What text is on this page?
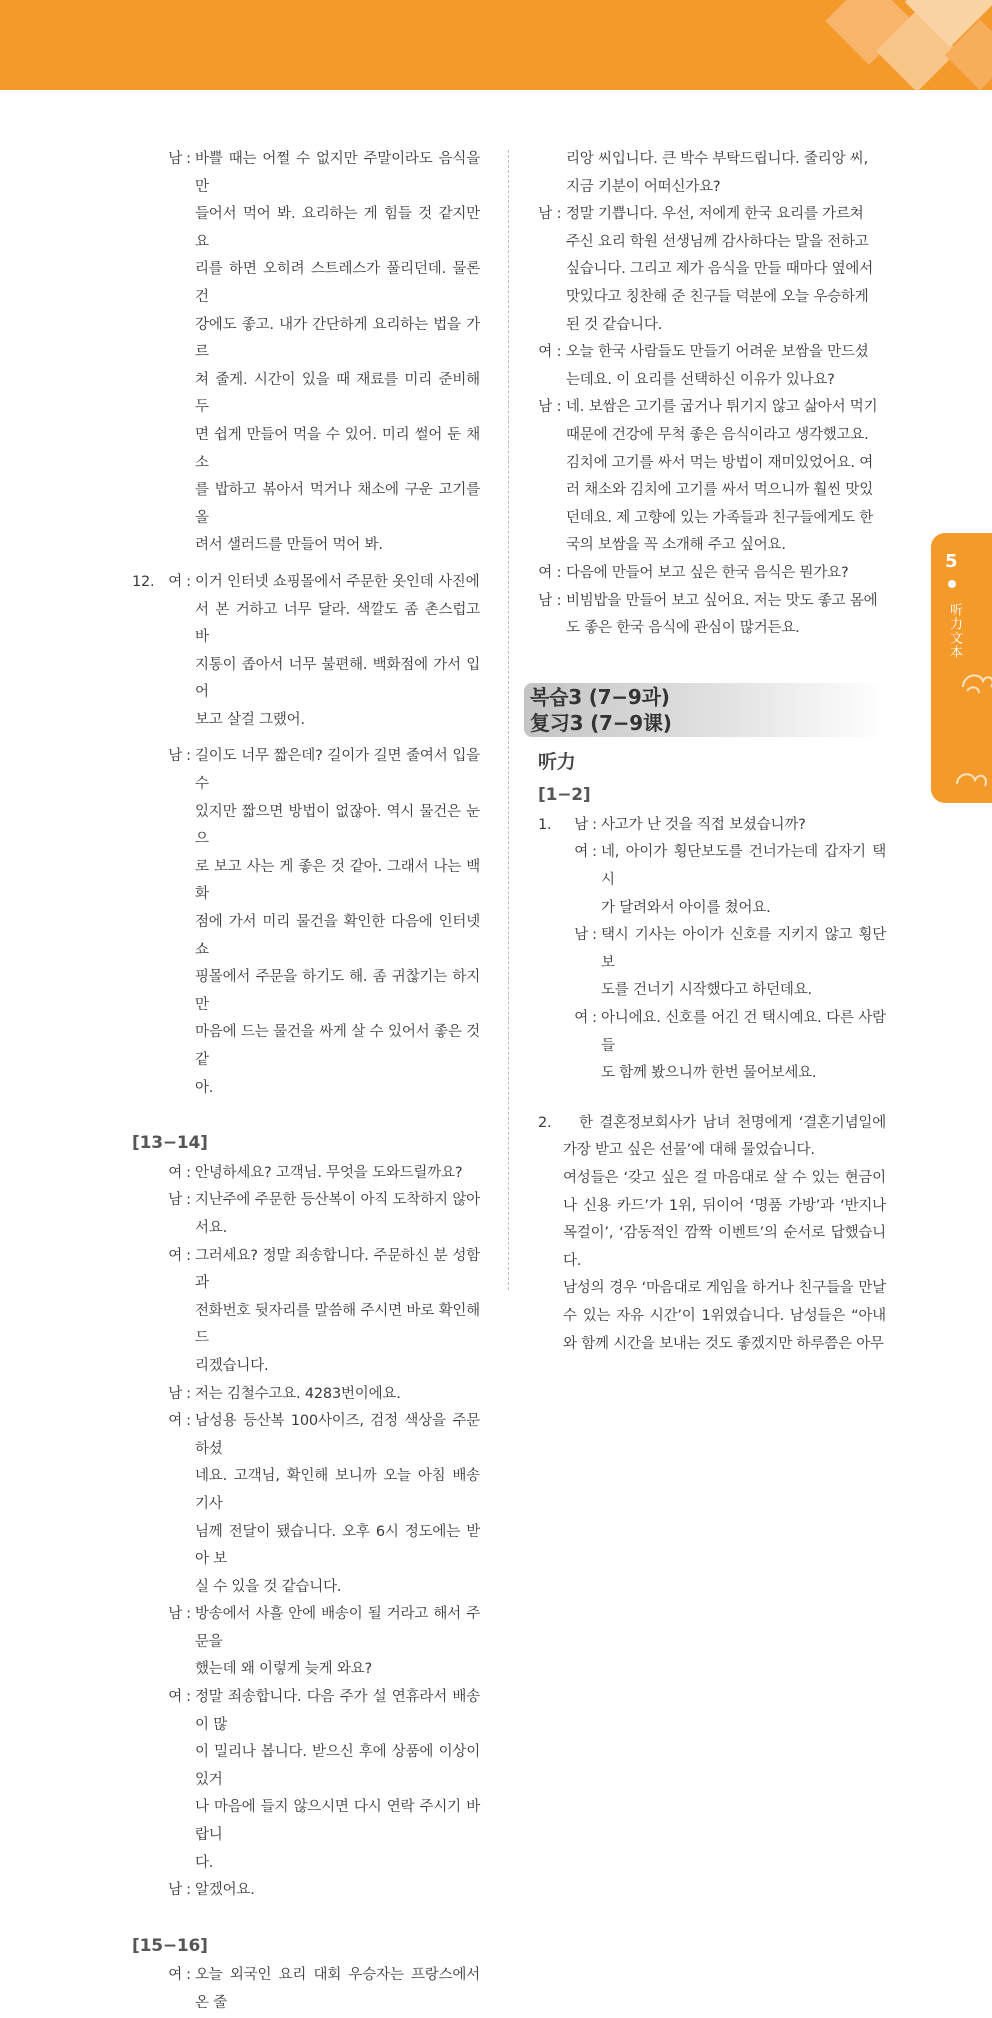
남 : 바쁠 때는 어쩔 수 없지만 주말이라도 음식을 만
들어서 먹어 봐. 요리하는 게 힘들 것 같지만 요
리를 하면 오히려 스트레스가 풀리던데. 물론 건
강에도 좋고. 내가 간단하게 요리하는 법을 가르
쳐 줄게. 시간이 있을 때 재료를 미리 준비해 두
면 쉽게 만들어 먹을 수 있어. 미리 썰어 둔 채소
를 밥하고 볶아서 먹거나 채소에 구운 고기를 올
려서 샐러드를 만들어 먹어 봐.
12. 여 : 이거 인터넷 쇼핑몰에서 주문한 옷인데 사진에
서 본 거하고 너무 달라. 색깔도 좀 촌스럽고 바
지통이 좁아서 너무 불편해. 백화점에 가서 입어
보고 살걸 그랬어.
남 : 길이도 너무 짧은데? 길이가 길면 줄여서 입을 수
있지만 짧으면 방법이 없잖아. 역시 물건은 눈으
로 보고 사는 게 좋은 것 같아. 그래서 나는 백화
점에 가서 미리 물건을 확인한 다음에 인터넷 쇼
핑몰에서 주문을 하기도 해. 좀 귀찮기는 하지만
마음에 드는 물건을 싸게 살 수 있어서 좋은 것 같
아.
[13−14]
여 : 안녕하세요? 고객님. 무엇을 도와드릴까요?
남 : 지난주에 주문한 등산복이 아직 도착하지 않아서요.
여 : 그러세요? 정말 죄송합니다. 주문하신 분 성함과
전화번호 뒷자리를 말씀해 주시면 바로 확인해 드
리겠습니다.
남 : 저는 김철수고요. 4283번이에요.
여 : 남성용 등산복 100사이즈, 검정 색상을 주문하셨
네요. 고객님, 확인해 보니까 오늘 아침 배송 기사
님께 전달이 됐습니다. 오후 6시 정도에는 받아 보
실 수 있을 것 같습니다.
남 : 방송에서 사흘 안에 배송이 될 거라고 해서 주문을
했는데 왜 이렇게 늦게 와요?
여 : 정말 죄송합니다. 다음 주가 설 연휴라서 배송이 많
이 밀리나 봅니다. 받으신 후에 상품에 이상이 있거
나 마음에 들지 않으시면 다시 연락 주시기 바랍니
다.
남 : 알겠어요.
[15−16]
여 : 오늘 외국인 요리 대회 우승자는 프랑스에서 온 줄
리앙 씨입니다. 큰 박수 부탁드립니다. 줄리앙 씨,
지금 기분이 어떠신가요?
남 : 정말 기쁩니다. 우선, 저에게 한국 요리를 가르쳐
주신 요리 학원 선생님께 감사하다는 말을 전하고
싶습니다. 그리고 제가 음식을 만들 때마다 옆에서
맛있다고 칭찬해 준 친구들 덕분에 오늘 우승하게
된 것 같습니다.
여 : 오늘 한국 사람들도 만들기 어려운 보쌈을 만드셨
는데요. 이 요리를 선택하신 이유가 있나요?
남 : 네. 보쌈은 고기를 굽거나 튀기지 않고 삶아서 먹기
때문에 건강에 무척 좋은 음식이라고 생각했고요.
김치에 고기를 싸서 먹는 방법이 재미있었어요. 여
러 채소와 김치에 고기를 싸서 먹으니까 훨씬 맛있
던데요. 제 고향에 있는 가족들과 친구들에게도 한
국의 보쌈을 꼭 소개해 주고 싶어요.
여 : 다음에 만들어 보고 싶은 한국 음식은 뭔가요?
남 : 비빔밥을 만들어 보고 싶어요. 저는 맛도 좋고 몸에
도 좋은 한국 음식에 관심이 많거든요.
복습3 (7−9과)
复习3 (7−9课)
听力
[1−2]
1.	남 : 사고가 난 것을 직접 보셨습니까?
여 : 네, 아이가 횡단보도를 건너가는데 갑자기 택시
가 달려와서 아이를 쳤어요.
남 : 택시 기사는 아이가 신호를 지키지 않고 횡단보
도를 건너기 시작했다고 하던데요.
여 : 아니에요. 신호를 어긴 건 택시예요. 다른 사람들
도 함께 봤으니까 한번 물어보세요.
2.	한 결혼정보회사가 남녀 천명에게 ‘결혼기념일에 가장 받고 싶은 선물’에 대해 물었습니다.
여성들은 ‘갖고 싶은 걸 마음대로 살 수 있는 현금이 나 신용 카드’가 1위, 뒤이어 ‘명품 가방’과 ‘반지나 목걸이’, ‘감동적인 깜짝 이벤트’의 순서로 답했습니다.
남성의 경우 ‘마음대로 게임을 하거나 친구들을 만날 수 있는 자유 시간’이 1위였습니다. 남성들은 “아내와 함께 시간을 보내는 것도 좋겠지만 하루쯤은 아무
5
听力文本
